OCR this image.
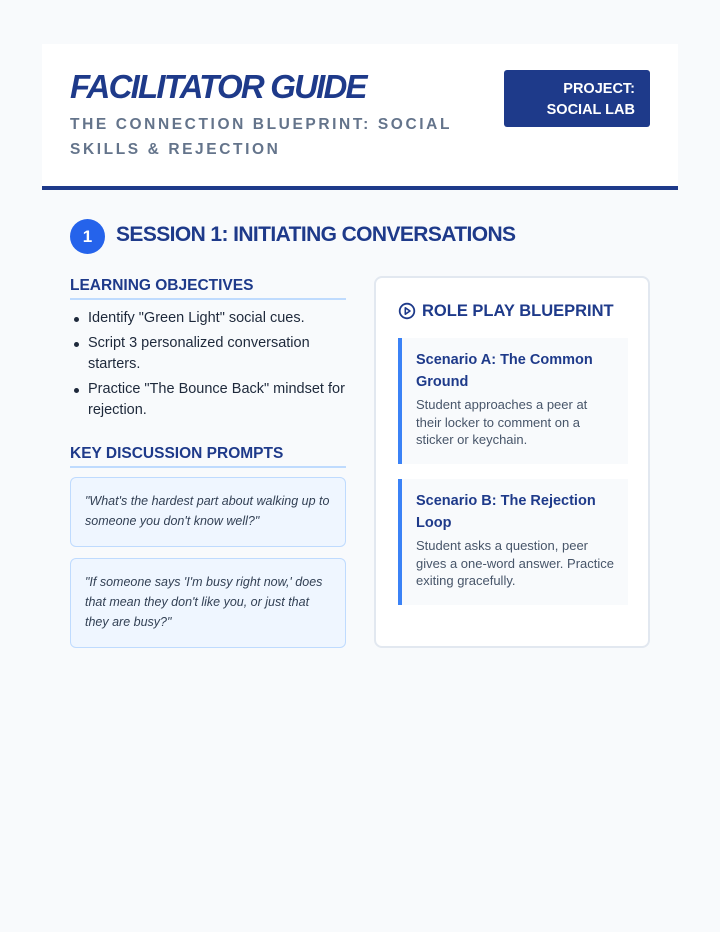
FACILITATOR GUIDE
THE CONNECTION BLUEPRINT: SOCIAL SKILLS & REJECTION
PROJECT:
SOCIAL LAB
1	SESSION 1: INITIATING CONVERSATIONS
LEARNING OBJECTIVES
Identify "Green Light" social cues.
Script 3 personalized conversation starters.
Practice "The Bounce Back" mindset for rejection.
KEY DISCUSSION PROMPTS
"What's the hardest part about walking up to someone you don't know well?"
"If someone says 'I'm busy right now,' does that mean they don't like you, or just that they are busy?"
ROLE PLAY BLUEPRINT
Scenario A: The Common Ground
Student approaches a peer at their locker to comment on a sticker or keychain.
Scenario B: The Rejection Loop
Student asks a question, peer gives a one-word answer. Practice exiting gracefully.
